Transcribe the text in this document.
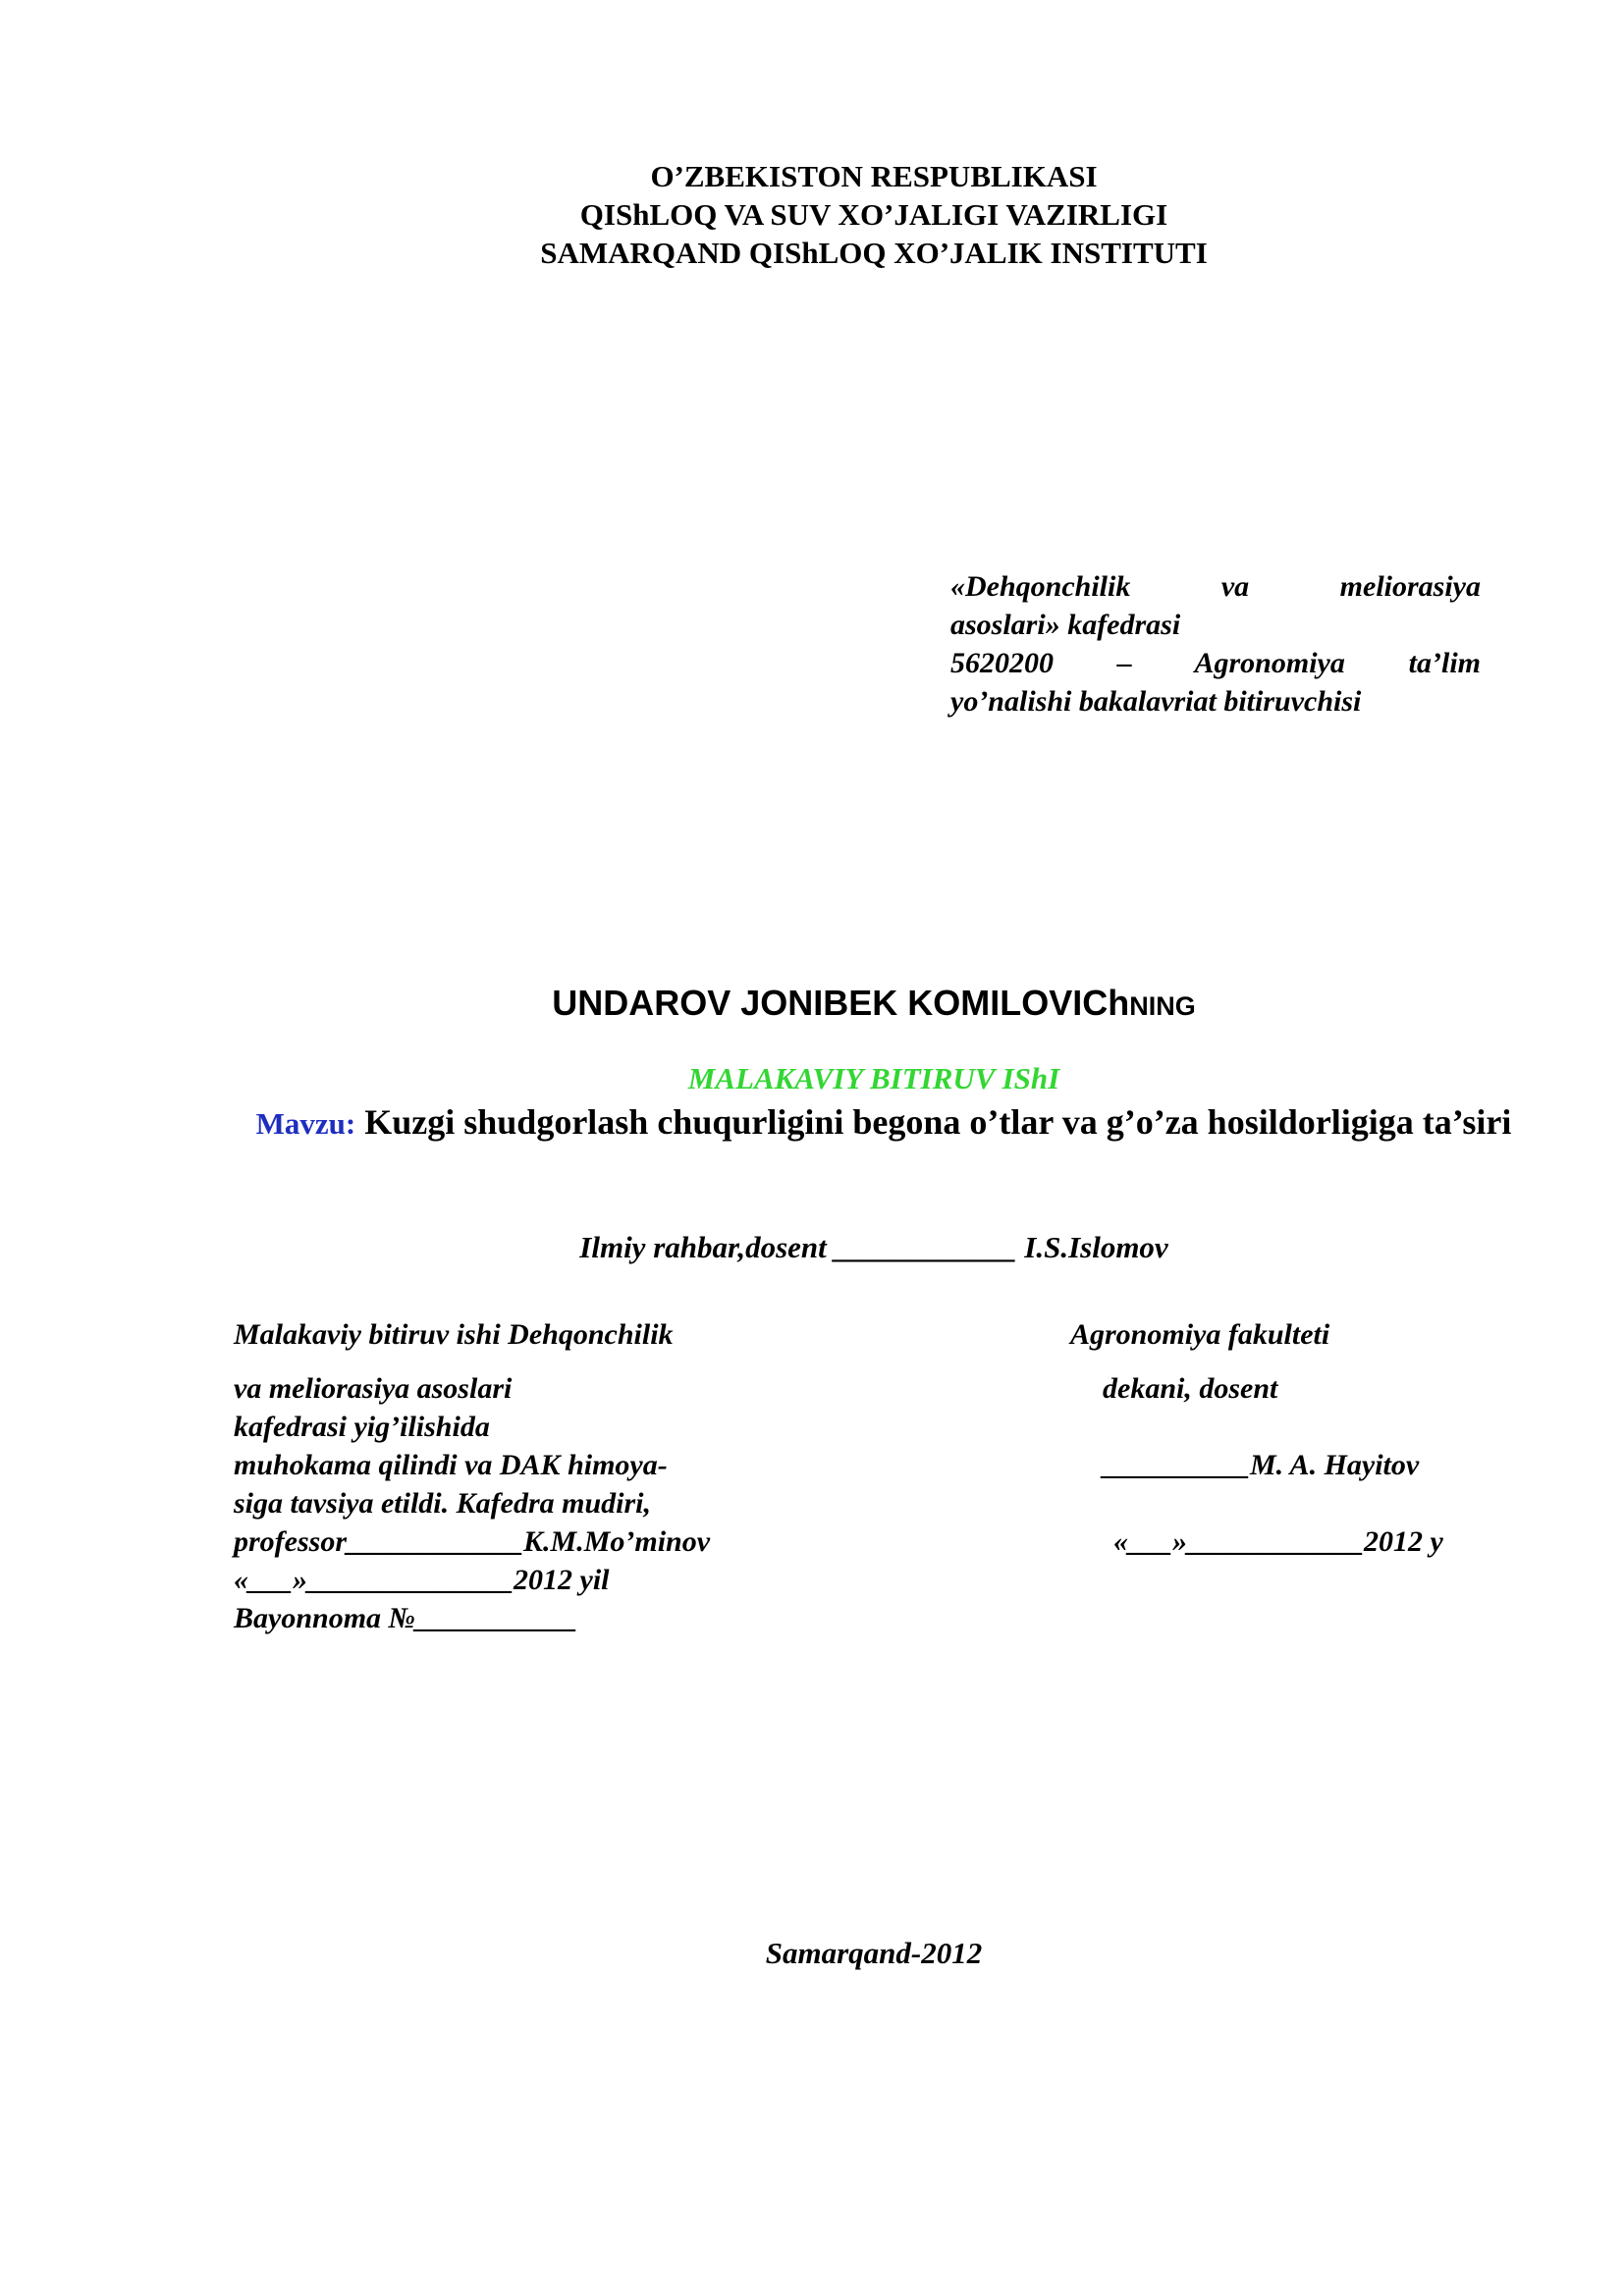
O’ZBEKISTON RESPUBLIKASI
QIShLOQ VA SUV XO’JALIGI VAZIRLIGI
SAMARQAND QIShLOQ XO’JALIK INSTITUTI
«Dehqonchilik va meliorasiya
asoslari» kafedrasi
5620200 – Agronomiya ta’lim
yo’nalishi bakalavriat bitiruvchisi
UNDAROV JONIBEK KOMILOVIChNING
MALAKAVIY BITIRUV IShI
Mavzu: Kuzgi shudgorlash chuqurligini begona o’tlar va g’o’za hosildorligiga ta’siri
Ilmiy rahbar,dosent ____________ I.S.Islomov
Malakaviy bitiruv ishi Dehqonchilik
va meliorasiya asoslari
kafedrasi yig’ilishida
muhokama qilindi va DAK himoya-
siga tavsiya etildi. Kafedra mudiri,
professor____________K.M.Mo’minov
«___»______________2012 yil
Bayonnoma №___________
Agronomiya fakulteti
dekani, dosent
__________M. A. Hayitov
«___»____________2012 y
Samarqand-2012
